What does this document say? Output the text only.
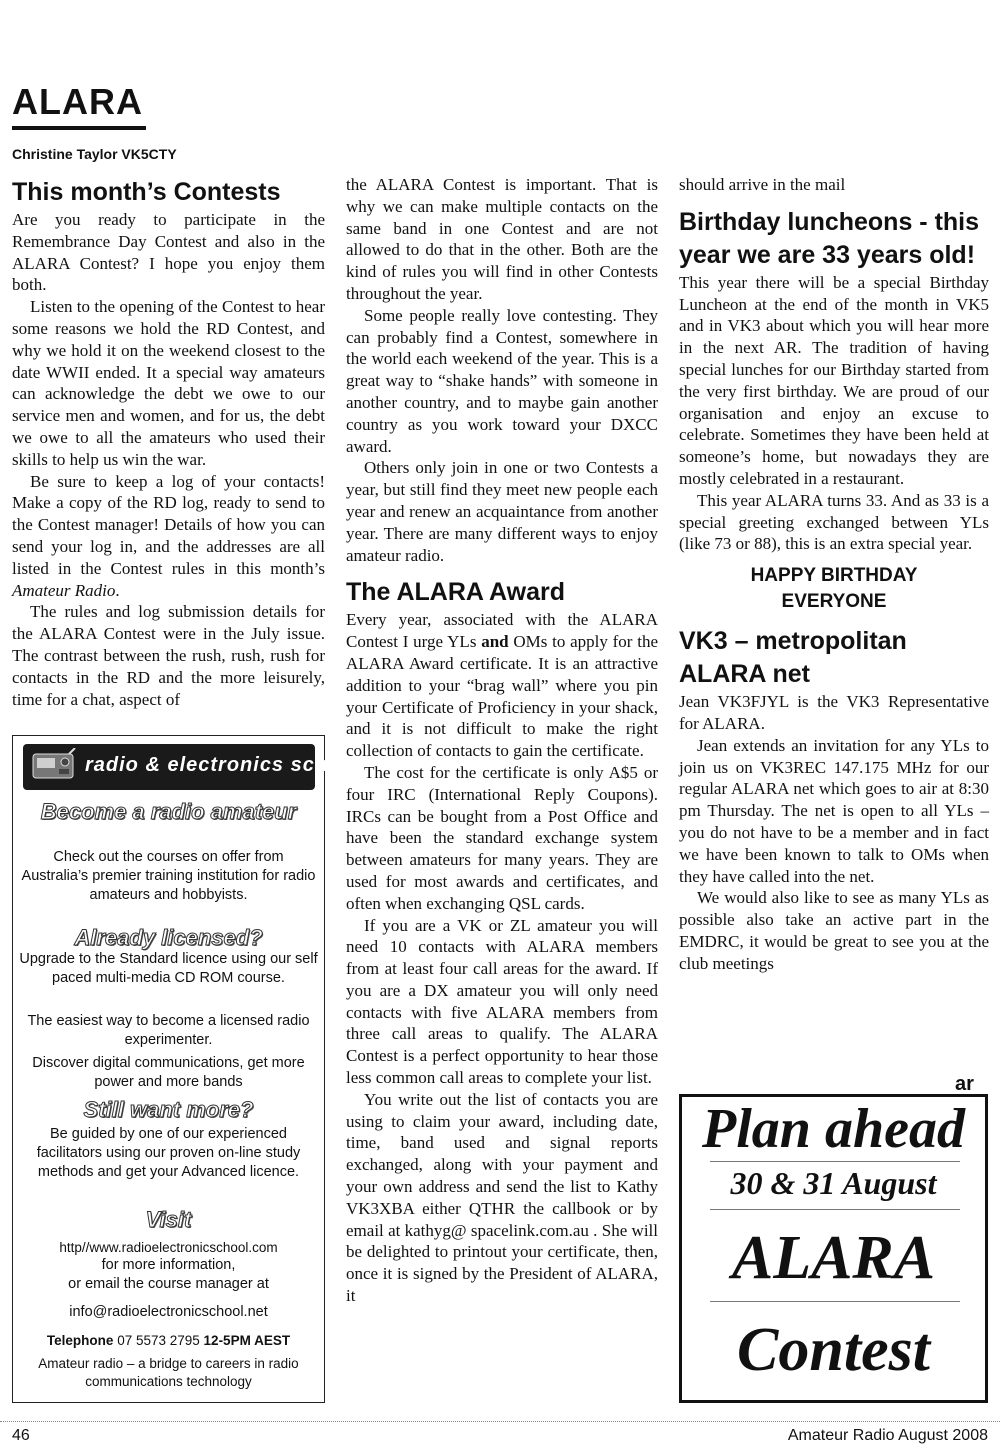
ALARA
Christine Taylor VK5CTY
This month’s Contests

Are you ready to participate in the Remembrance Day Contest and also in the ALARA Contest? I hope you enjoy them both.

Listen to the opening of the Contest to hear some reasons we hold the RD Contest, and why we hold it on the weekend closest to the date WWII ended. It a special way amateurs can acknowledge the debt we owe to our service men and women, and for us, the debt we owe to all the amateurs who used their skills to help us win the war.

Be sure to keep a log of your contacts! Make a copy of the RD log, ready to send to the Contest manager! Details of how you can send your log in, and the addresses are all listed in the Contest rules in this month’s Amateur Radio.

The rules and log submission details for the ALARA Contest were in the July issue. The contrast between the rush, rush, rush for contacts in the RD and the more leisurely, time for a chat, aspect of

radio & electronics school
Become a radio amateur
Check out the courses on offer from Australia’s premier training institution for radio amateurs and hobbyists.
Already licensed?
Upgrade to the Standard licence using our self paced multi-media CD ROM course.
The easiest way to become a licensed radio experimenter.
Discover digital communications, get more power and more bands
Still want more?
Be guided by one of our experienced facilitators using our proven on-line study methods and get your Advanced licence.
Visit
http//www.radioelectronicschool.com
for more information,
or email the course manager at
info@radioelectronicschool.net
Telephone 07 5573 2795 12-5PM AEST
Amateur radio – a bridge to careers in radio communications technology

the ALARA Contest is important. That is why we can make multiple contacts on the same band in one Contest and are not allowed to do that in the other. Both are the kind of rules you will find in other Contests throughout the year.

Some people really love contesting. They can probably find a Contest, somewhere in the world each weekend of the year. This is a great way to “shake hands” with someone in another country, and to maybe gain another country as you work toward your DXCC award.

Others only join in one or two Contests a year, but still find they meet new people each year and renew an acquaintance from another year. There are many different ways to enjoy amateur radio.

The ALARA Award

Every year, associated with the ALARA Contest I urge YLs and OMs to apply for the ALARA Award certificate. It is an attractive addition to your “brag wall” where you pin your Certificate of Proficiency in your shack, and it is not difficult to make the right collection of contacts to gain the certificate.

The cost for the certificate is only A$5 or four IRC (International Reply Coupons). IRCs can be bought from a Post Office and have been the standard exchange system between amateurs for many years. They are used for most awards and certificates, and often when exchanging QSL cards.

If you are a VK or ZL amateur you will need 10 contacts with ALARA members from at least four call areas for the award. If you are a DX amateur you will only need contacts with five ALARA members from three call areas to qualify. The ALARA Contest is a perfect opportunity to hear those less common call areas to complete your list.

You write out the list of contacts you are using to claim your award, including date, time, band used and signal reports exchanged, along with your payment and your own address and send the list to Kathy VK3XBA either QTHR the callbook or by email at kathyg@ spacelink.com.au . She will be delighted to printout your certificate, then, once it is signed by the President of ALARA, it

should arrive in the mail

Birthday luncheons - this year we are 33 years old!

This year there will be a special Birthday Luncheon at the end of the month in VK5 and in VK3 about which you will hear more in the next AR. The tradition of having special lunches for our Birthday started from the very first birthday. We are proud of our organisation and enjoy an excuse to celebrate. Sometimes they have been held at someone’s home, but nowadays they are mostly celebrated in a restaurant.

This year ALARA turns 33. And as 33 is a special greeting exchanged between YLs (like 73 or 88), this is an extra special year.

HAPPY BIRTHDAY
EVERYONE
VK3 – metropolitan ALARA net

Jean VK3FJYL is the VK3 Representative for ALARA.

Jean extends an invitation for any YLs to join us on VK3REC 147.175 MHz for our regular ALARA net which goes to air at 8:30 pm Thursday. The net is open to all YLs – you do not have to be a member and in fact we have been known to talk to OMs when they have called into the net.

We would also like to see as many YLs as possible also take an active part in the EMDRC, it would be great to see you at the club meetings

ar
Plan ahead
30 & 31 August
ALARA
Contest
46	Amateur Radio August 2008
